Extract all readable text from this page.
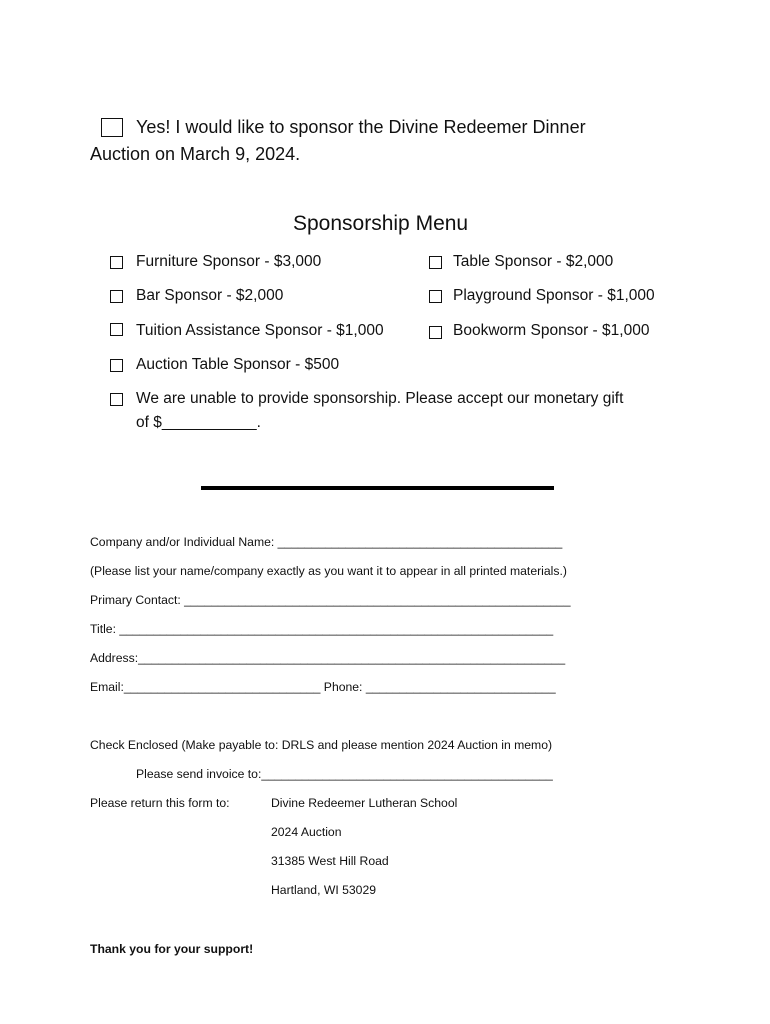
Yes! I would like to sponsor the Divine Redeemer Dinner
Auction on March 9, 2024.
Sponsorship Menu
Furniture Sponsor - $3,000
Bar Sponsor - $2,000
Tuition Assistance Sponsor - $1,000
Auction Table Sponsor - $500
Table Sponsor - $2,000
Playground Sponsor - $1,000
Bookworm Sponsor - $1,000
We are unable to provide sponsorship. Please accept our monetary gift
of $___________.
Company and/or Individual Name: __________________________________________
(Please list your name/company exactly as you want it to appear in all printed materials.)
Primary Contact: _________________________________________________________
Title: ________________________________________________________________
Address:_______________________________________________________________
Email:_____________________________ Phone: ____________________________
Check Enclosed (Make payable to: DRLS and please mention 2024 Auction in memo)
Please send invoice to:___________________________________________
Please return this form to:	Divine Redeemer Lutheran School
2024 Auction
31385 West Hill Road
Hartland, WI 53029
Thank you for your support!
